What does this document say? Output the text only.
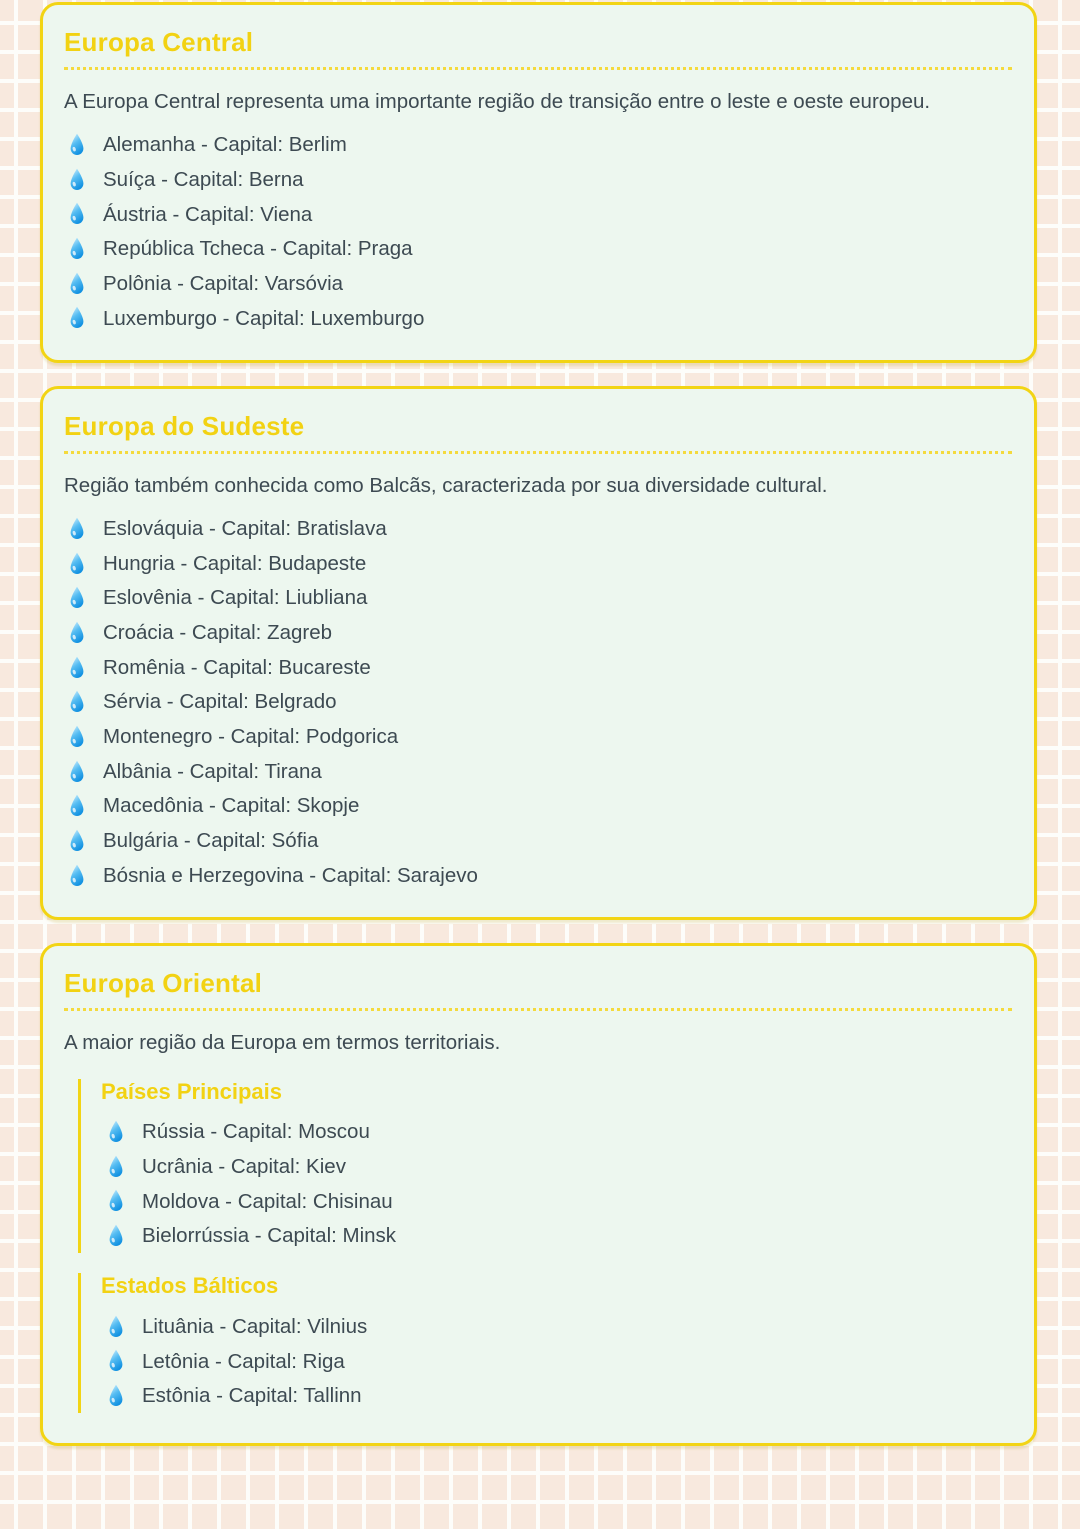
Europa Central

A Europa Central representa uma importante região de transição entre o leste e oeste europeu.

Alemanha - Capital: Berlim
Suíça - Capital: Berna
Áustria - Capital: Viena
República Tcheca - Capital: Praga
Polônia - Capital: Varsóvia
Luxemburgo - Capital: Luxemburgo
Europa do Sudeste

Região também conhecida como Balcãs, caracterizada por sua diversidade cultural.

Eslováquia - Capital: Bratislava
Hungria - Capital: Budapeste
Eslovênia - Capital: Liubliana
Croácia - Capital: Zagreb
Romênia - Capital: Bucareste
Sérvia - Capital: Belgrado
Montenegro - Capital: Podgorica
Albânia - Capital: Tirana
Macedônia - Capital: Skopje
Bulgária - Capital: Sófia
Bósnia e Herzegovina - Capital: Sarajevo
Europa Oriental

A maior região da Europa em termos territoriais.

Países Principais
Rússia - Capital: Moscou
Ucrânia - Capital: Kiev
Moldova - Capital: Chisinau
Bielorrússia - Capital: Minsk
Estados Bálticos
Lituânia - Capital: Vilnius
Letônia - Capital: Riga
Estônia - Capital: Tallinn
